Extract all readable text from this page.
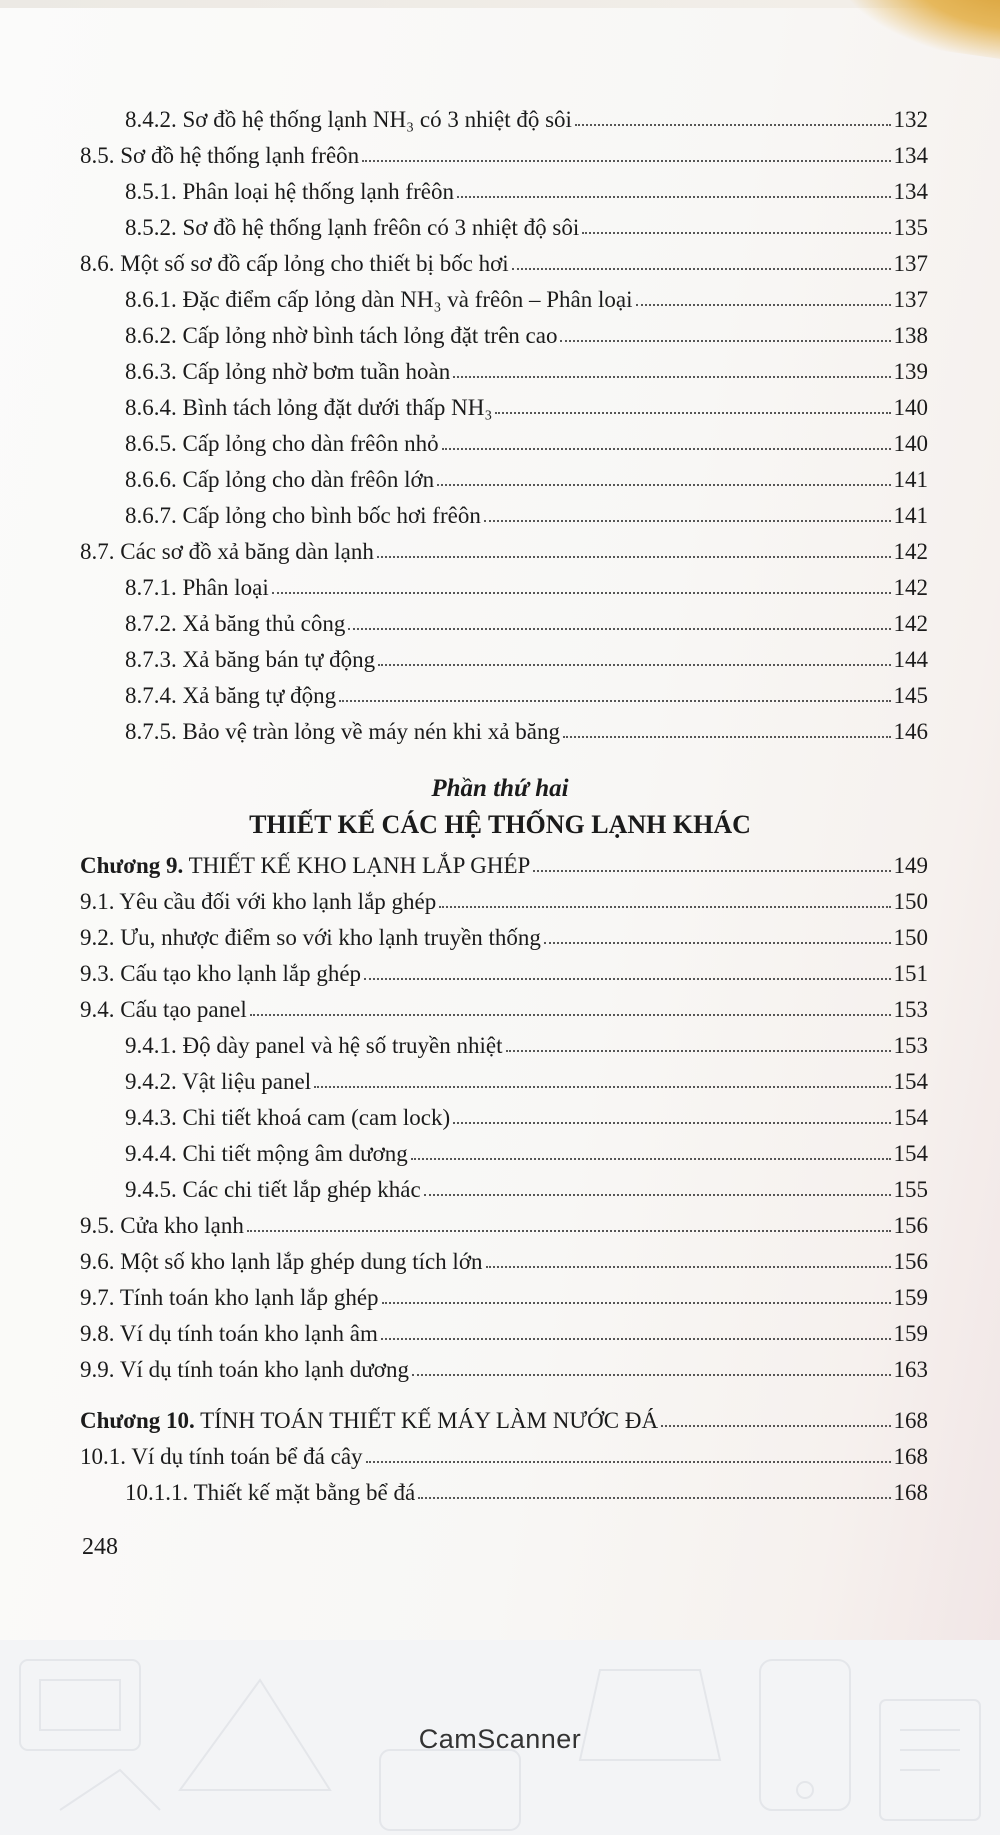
8.4.2. Sơ đồ hệ thống lạnh NH₃ có 3 nhiệt độ sôi	132
8.5. Sơ đồ hệ thống lạnh frêôn	134
8.5.1. Phân loại hệ thống lạnh frêôn	134
8.5.2. Sơ đồ hệ thống lạnh frêôn có 3 nhiệt độ sôi	135
8.6. Một số sơ đồ cấp lỏng cho thiết bị bốc hơi	137
8.6.1. Đặc điểm cấp lỏng dàn NH₃ và frêôn – Phân loại	137
8.6.2. Cấp lỏng nhờ bình tách lỏng đặt trên cao	138
8.6.3. Cấp lỏng nhờ bơm tuần hoàn	139
8.6.4. Bình tách lỏng đặt dưới thấp NH₃	140
8.6.5. Cấp lỏng cho dàn frêôn nhỏ	140
8.6.6. Cấp lỏng cho dàn frêôn lớn	141
8.6.7. Cấp lỏng cho bình bốc hơi frêôn	141
8.7. Các sơ đồ xả băng dàn lạnh	142
8.7.1. Phân loại	142
8.7.2. Xả băng thủ công	142
8.7.3. Xả băng bán tự động	144
8.7.4. Xả băng tự động	145
8.7.5. Bảo vệ tràn lỏng về máy nén khi xả băng	146
Phần thứ hai
THIẾT KẾ CÁC HỆ THỐNG LẠNH KHÁC
Chương 9. THIẾT KẾ KHO LẠNH LẮP GHÉP	149
9.1. Yêu cầu đối với kho lạnh lắp ghép	150
9.2. Ưu, nhược điểm so với kho lạnh truyền thống	150
9.3. Cấu tạo kho lạnh lắp ghép	151
9.4. Cấu tạo panel	153
9.4.1. Độ dày panel và hệ số truyền nhiệt	153
9.4.2. Vật liệu panel	154
9.4.3. Chi tiết khoá cam (cam lock)	154
9.4.4. Chi tiết mộng âm dương	154
9.4.5. Các chi tiết lắp ghép khác	155
9.5. Cửa kho lạnh	156
9.6. Một số kho lạnh lắp ghép dung tích lớn	156
9.7. Tính toán kho lạnh lắp ghép	159
9.8. Ví dụ tính toán kho lạnh âm	159
9.9. Ví dụ tính toán kho lạnh dương	163
Chương 10. TÍNH TOÁN THIẾT KẾ MÁY LÀM NƯỚC ĐÁ	168
10.1. Ví dụ tính toán bể đá cây	168
10.1.1. Thiết kế mặt bằng bể đá	168
248
CamScanner
